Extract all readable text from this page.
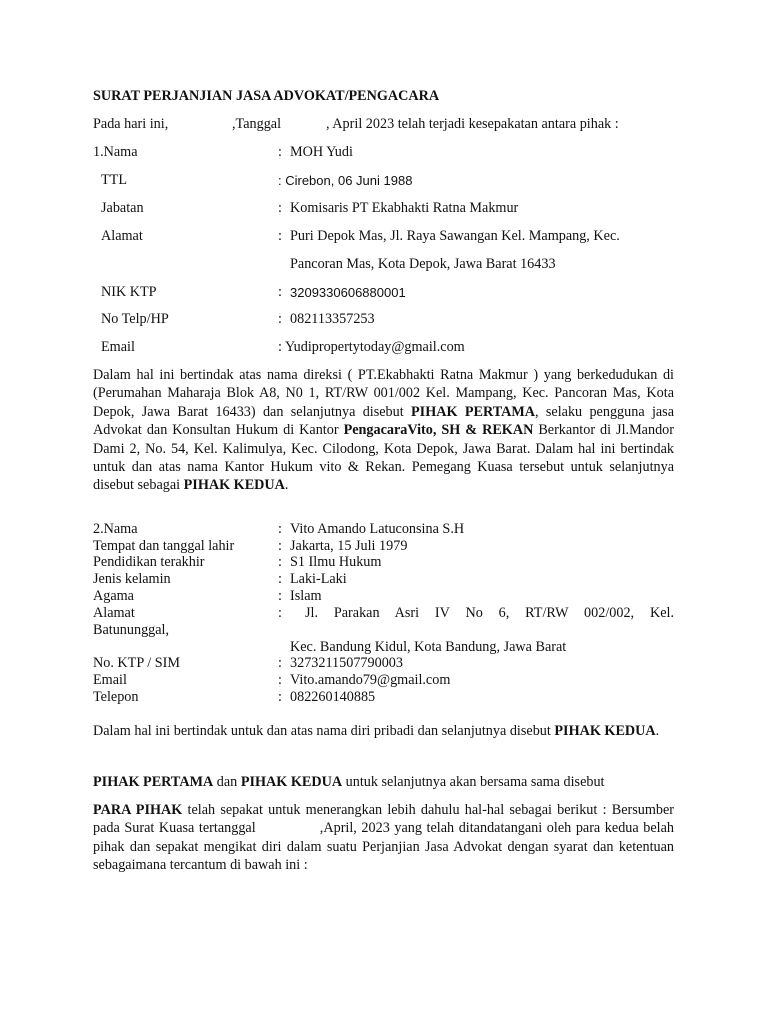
SURAT PERJANJIAN JASA ADVOKAT/PENGACARA
Pada hari ini,	,Tanggal	, April 2023 telah terjadi kesepakatan antara pihak :
1.Nama	: MOH Yudi
TTL	: Cirebon, 06 Juni 1988
Jabatan	: Komisaris PT Ekabhakti Ratna Makmur
Alamat	: Puri Depok Mas, Jl. Raya Sawangan Kel. Mampang, Kec.
Pancoran Mas, Kota Depok, Jawa Barat 16433
NIK KTP	: 3209330606880001
No Telp/HP	: 082113357253
Email	: Yudipropertytoday@gmail.com
Dalam hal ini bertindak atas nama direksi ( PT.Ekabhakti Ratna Makmur ) yang berkedudukan di (Perumahan Maharaja Blok A8, N0 1, RT/RW 001/002 Kel. Mampang, Kec. Pancoran Mas, Kota Depok, Jawa Barat 16433) dan selanjutnya disebut PIHAK PERTAMA, selaku pengguna jasa Advokat dan Konsultan Hukum di Kantor PengacaraVito, SH & REKAN Berkantor di Jl.Mandor Dami 2, No. 54, Kel. Kalimulya, Kec. Cilodong, Kota Depok, Jawa Barat. Dalam hal ini bertindak untuk dan atas nama Kantor Hukum vito & Rekan. Pemegang Kuasa tersebut untuk selanjutnya disebut sebagai PIHAK KEDUA.
2.Nama	: Vito Amando Latuconsina S.H
Tempat dan tanggal lahir	: Jakarta, 15 Juli 1979
Pendidikan terakhir	: S1 Ilmu Hukum
Jenis kelamin	: Laki-Laki
Agama	: Islam
Alamat	: Jl. Parakan Asri IV No 6, RT/RW 002/002, Kel.
Batununggal,
Kec. Bandung Kidul, Kota Bandung, Jawa Barat
No. KTP / SIM	: 3273211507790003
Email	: Vito.amando79@gmail.com
Telepon	: 082260140885
Dalam hal ini bertindak untuk dan atas nama diri pribadi dan selanjutnya disebut PIHAK KEDUA.
PIHAK PERTAMA dan PIHAK KEDUA untuk selanjutnya akan bersama sama disebut
PARA PIHAK telah sepakat untuk menerangkan lebih dahulu hal-hal sebagai berikut : Bersumber pada Surat Kuasa tertanggal              ,April, 2023 yang telah ditandatangani oleh para kedua belah pihak dan sepakat mengikat diri dalam suatu Perjanjian Jasa Advokat dengan syarat dan ketentuan sebagaimana tercantum di bawah ini :
